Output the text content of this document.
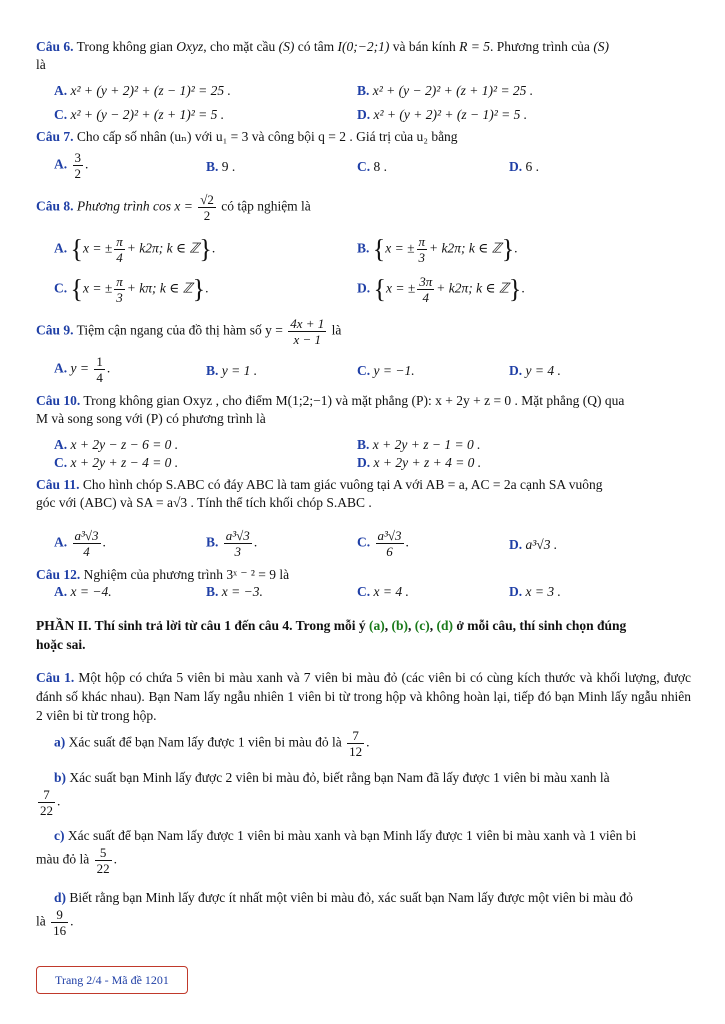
Câu 6. Trong không gian Oxyz, cho mặt cầu (S) có tâm I(0;−2;1) và bán kính R = 5. Phương trình của (S)
là
A. x² + (y + 2)² + (z − 1)² = 25 .	B. x² + (y − 2)² + (z + 1)² = 25 .
C. x² + (y − 2)² + (z + 1)² = 5 .	D. x² + (y + 2)² + (z − 1)² = 5 .
Câu 7. Cho cấp số nhân (uₙ) với u₁ = 3 và công bội q = 2 . Giá trị của u₂ bằng
A. $\frac{3}{2}$ .	B. 9 .	C. 8 .	D. 6 .
Câu 8. Phương trình $\cos x = \frac{√2}{2}$ có tập nghiệm là
A. {x = ± $\frac{\pi}{4} + k2\pi$; k ∈ ℤ}.	B. {x = ± $\frac{\pi}{3} + k2\pi$; k ∈ ℤ}.
C. {x = ± $\frac{\pi}{3} + k\pi$; k ∈ ℤ}.	D. {x = ± $\frac{3\pi}{4} + k2\pi$; k ∈ ℤ}.
Câu 9. Tiệm cận ngang của đồ thị hàm số $y = \frac{4x + 1}{x - 1}$ là
A. $y = \frac{1}{4}$ .	B. y = 1 .	C. y = −1.	D. y = 4 .
Câu 10. Trong không gian Oxyz , cho điểm M(1;2;−1) và mặt phẳng (P): x + 2y + z = 0 . Mặt phẳng (Q) qua
M và song song với (P) có phương trình là
A. x + 2y − z − 6 = 0 .	B. x + 2y + z − 1 = 0 .
C. x + 2y + z − 4 = 0 .	D. x + 2y + z + 4 = 0 .
Câu 11. Cho hình chóp S.ABC có đáy ABC là tam giác vuông tại A với AB = a, AC = 2a cạnh SA vuông
góc với (ABC) và SA = a√3 . Tính thể tích khối chóp S.ABC .
A. $\frac{\text{a³√3}}{4}$ .	B. $\frac{\text{a³√3}}{3}$ .	C. $\frac{\text{a³√3}}{6}$ .	D. a³√3 .
Câu 12. Nghiệm của phương trình 3ˣ ⁻ ² = 9 là
A. x = −4.	B. x = −3.	C. x = 4 .	D. x = 3 .
PHẦN II. Thí sinh trả lời từ câu 1 đến câu 4. Trong mỗi ý (a), (b), (c), (d) ở mỗi câu, thí sinh chọn đúng
hoặc sai.
Câu 1. Một hộp có chứa 5 viên bi màu xanh và 7 viên bi màu đỏ (các viên bi có cùng kích thước và khối lượng, được đánh số khác nhau). Bạn Nam lấy ngẫu nhiên 1 viên bi từ trong hộp và không hoàn lại, tiếp đó bạn Minh lấy ngẫu nhiên 2 viên bi từ trong hộp.
a) Xác suất để bạn Nam lấy được 1 viên bi màu đỏ là $\frac{7}{12}$ .
b) Xác suất bạn Minh lấy được 2 viên bi màu đỏ, biết rằng bạn Nam đã lấy được 1 viên bi màu xanh là

$\frac{7}{22}$ .
c) Xác suất để bạn Nam lấy được 1 viên bi màu xanh và bạn Minh lấy được 1 viên bi màu xanh và 1 viên bi
màu đỏ là $\frac{5}{22}$ .
d) Biết rằng bạn Minh lấy được ít nhất một viên bi màu đỏ, xác suất bạn Nam lấy được một viên bi màu đỏ
là $\frac{9}{16}$ .
Trang 2/4 - Mã đề 1201
